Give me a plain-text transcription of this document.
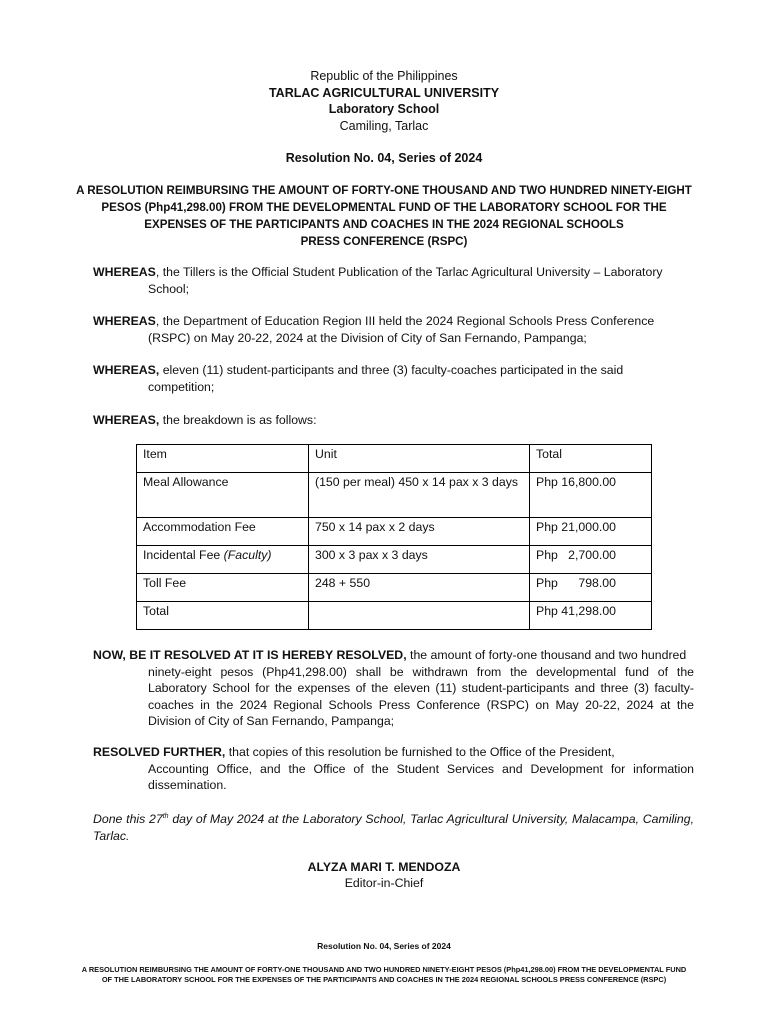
Republic of the Philippines
TARLAC AGRICULTURAL UNIVERSITY
Laboratory School
Camiling, Tarlac
Resolution No. 04, Series of 2024
A RESOLUTION REIMBURSING THE AMOUNT OF FORTY-ONE THOUSAND AND TWO HUNDRED NINETY-EIGHT
PESOS (Php41,298.00) FROM THE DEVELOPMENTAL FUND OF THE LABORATORY SCHOOL FOR THE
EXPENSES OF THE PARTICIPANTS AND COACHES IN THE 2024 REGIONAL SCHOOLS
PRESS CONFERENCE (RSPC)
WHEREAS, the Tillers is the Official Student Publication of the Tarlac Agricultural University – Laboratory
School;
WHEREAS, the Department of Education Region III held the 2024 Regional Schools Press Conference
(RSPC) on May 20-22, 2024 at the Division of City of San Fernando, Pampanga;
WHEREAS, eleven (11) student-participants and three (3) faculty-coaches participated in the said
competition;
WHEREAS, the breakdown is as follows:
Item	Unit	Total
Meal Allowance	(150 per meal) 450 x 14 pax x 3 days	Php 16,800.00
Accommodation Fee	750 x 14 pax x 2 days	Php 21,000.00
Incidental Fee (Faculty)	300 x 3 pax x 3 days	Php   2,700.00
Toll Fee	248 + 550	Php      798.00
Total		Php 41,298.00
NOW, BE IT RESOLVED AT IT IS HEREBY RESOLVED, the amount of forty-one thousand and two hundred
ninety-eight pesos (Php41,298.00) shall be withdrawn from the developmental fund of the Laboratory School for the expenses of the eleven (11) student-participants and three (3) faculty-coaches in the 2024 Regional Schools Press Conference (RSPC) on May 20-22, 2024 at the Division of City of San Fernando, Pampanga;
RESOLVED FURTHER, that copies of this resolution be furnished to the Office of the President,
Accounting Office, and the Office of the Student Services and Development for information dissemination.
Done this 27th day of May 2024 at the Laboratory School, Tarlac Agricultural University, Malacampa, Camiling, Tarlac.
ALYZA MARI T. MENDOZA
Editor-in-Chief
Resolution No. 04, Series of 2024
A RESOLUTION REIMBURSING THE AMOUNT OF FORTY-ONE THOUSAND AND TWO HUNDRED NINETY-EIGHT PESOS (Php41,298.00) FROM THE DEVELOPMENTAL FUND OF THE LABORATORY SCHOOL FOR THE EXPENSES OF THE PARTICIPANTS AND COACHES IN THE 2024 REGIONAL SCHOOLS PRESS CONFERENCE (RSPC)
